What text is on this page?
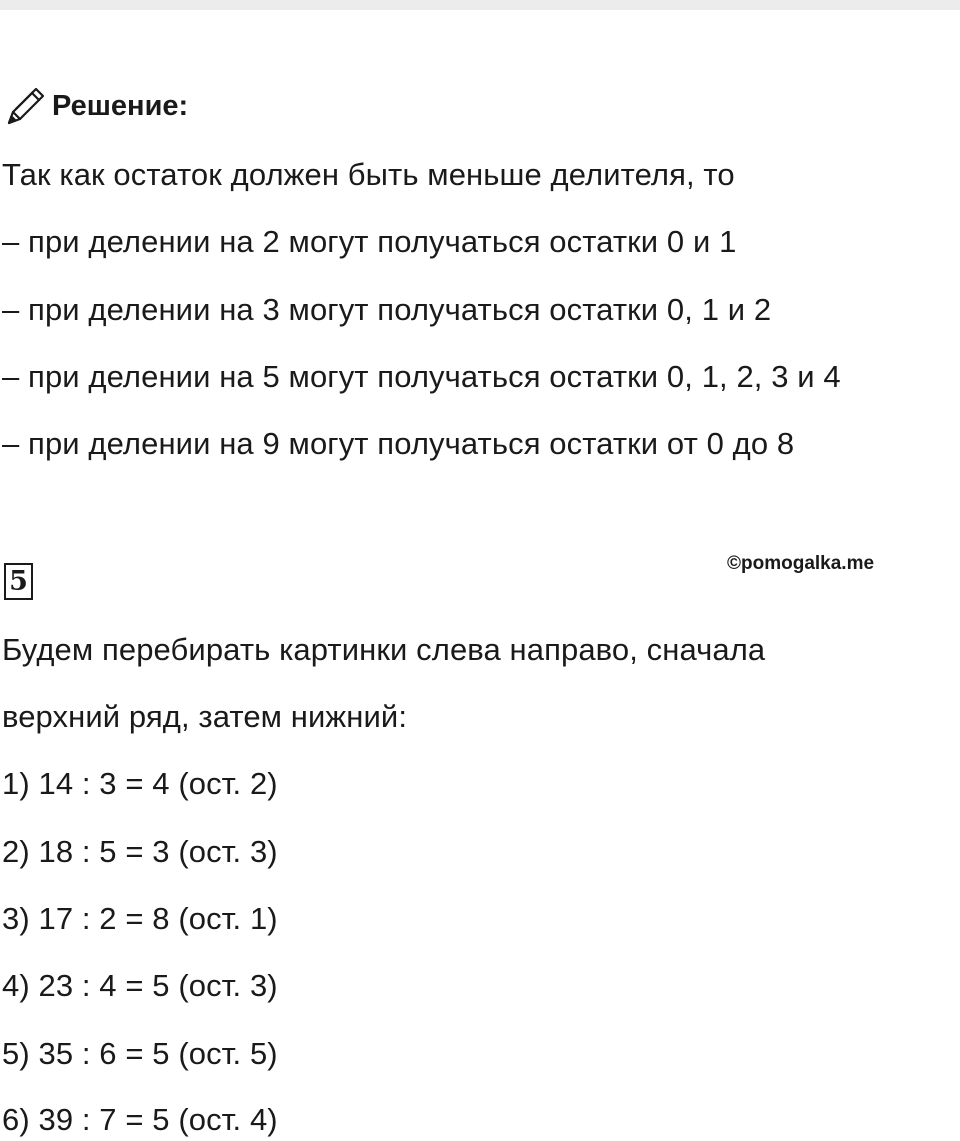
Решение:
Так как остаток должен быть меньше делителя, то
– при делении на 2 могут получаться остатки 0 и 1
– при делении на 3 могут получаться остатки 0, 1 и 2
– при делении на 5 могут получаться остатки 0, 1, 2, 3 и 4
– при делении на 9 могут получаться остатки от 0 до 8
5
©pomogalka.me
Будем перебирать картинки слева направо, сначала
верхний ряд, затем нижний:
1) 14 : 3 = 4 (ост. 2)
2) 18 : 5 = 3 (ост. 3)
3) 17 : 2 = 8 (ост. 1)
4) 23 : 4 = 5 (ост. 3)
5) 35 : 6 = 5 (ост. 5)
6) 39 : 7 = 5 (ост. 4)
